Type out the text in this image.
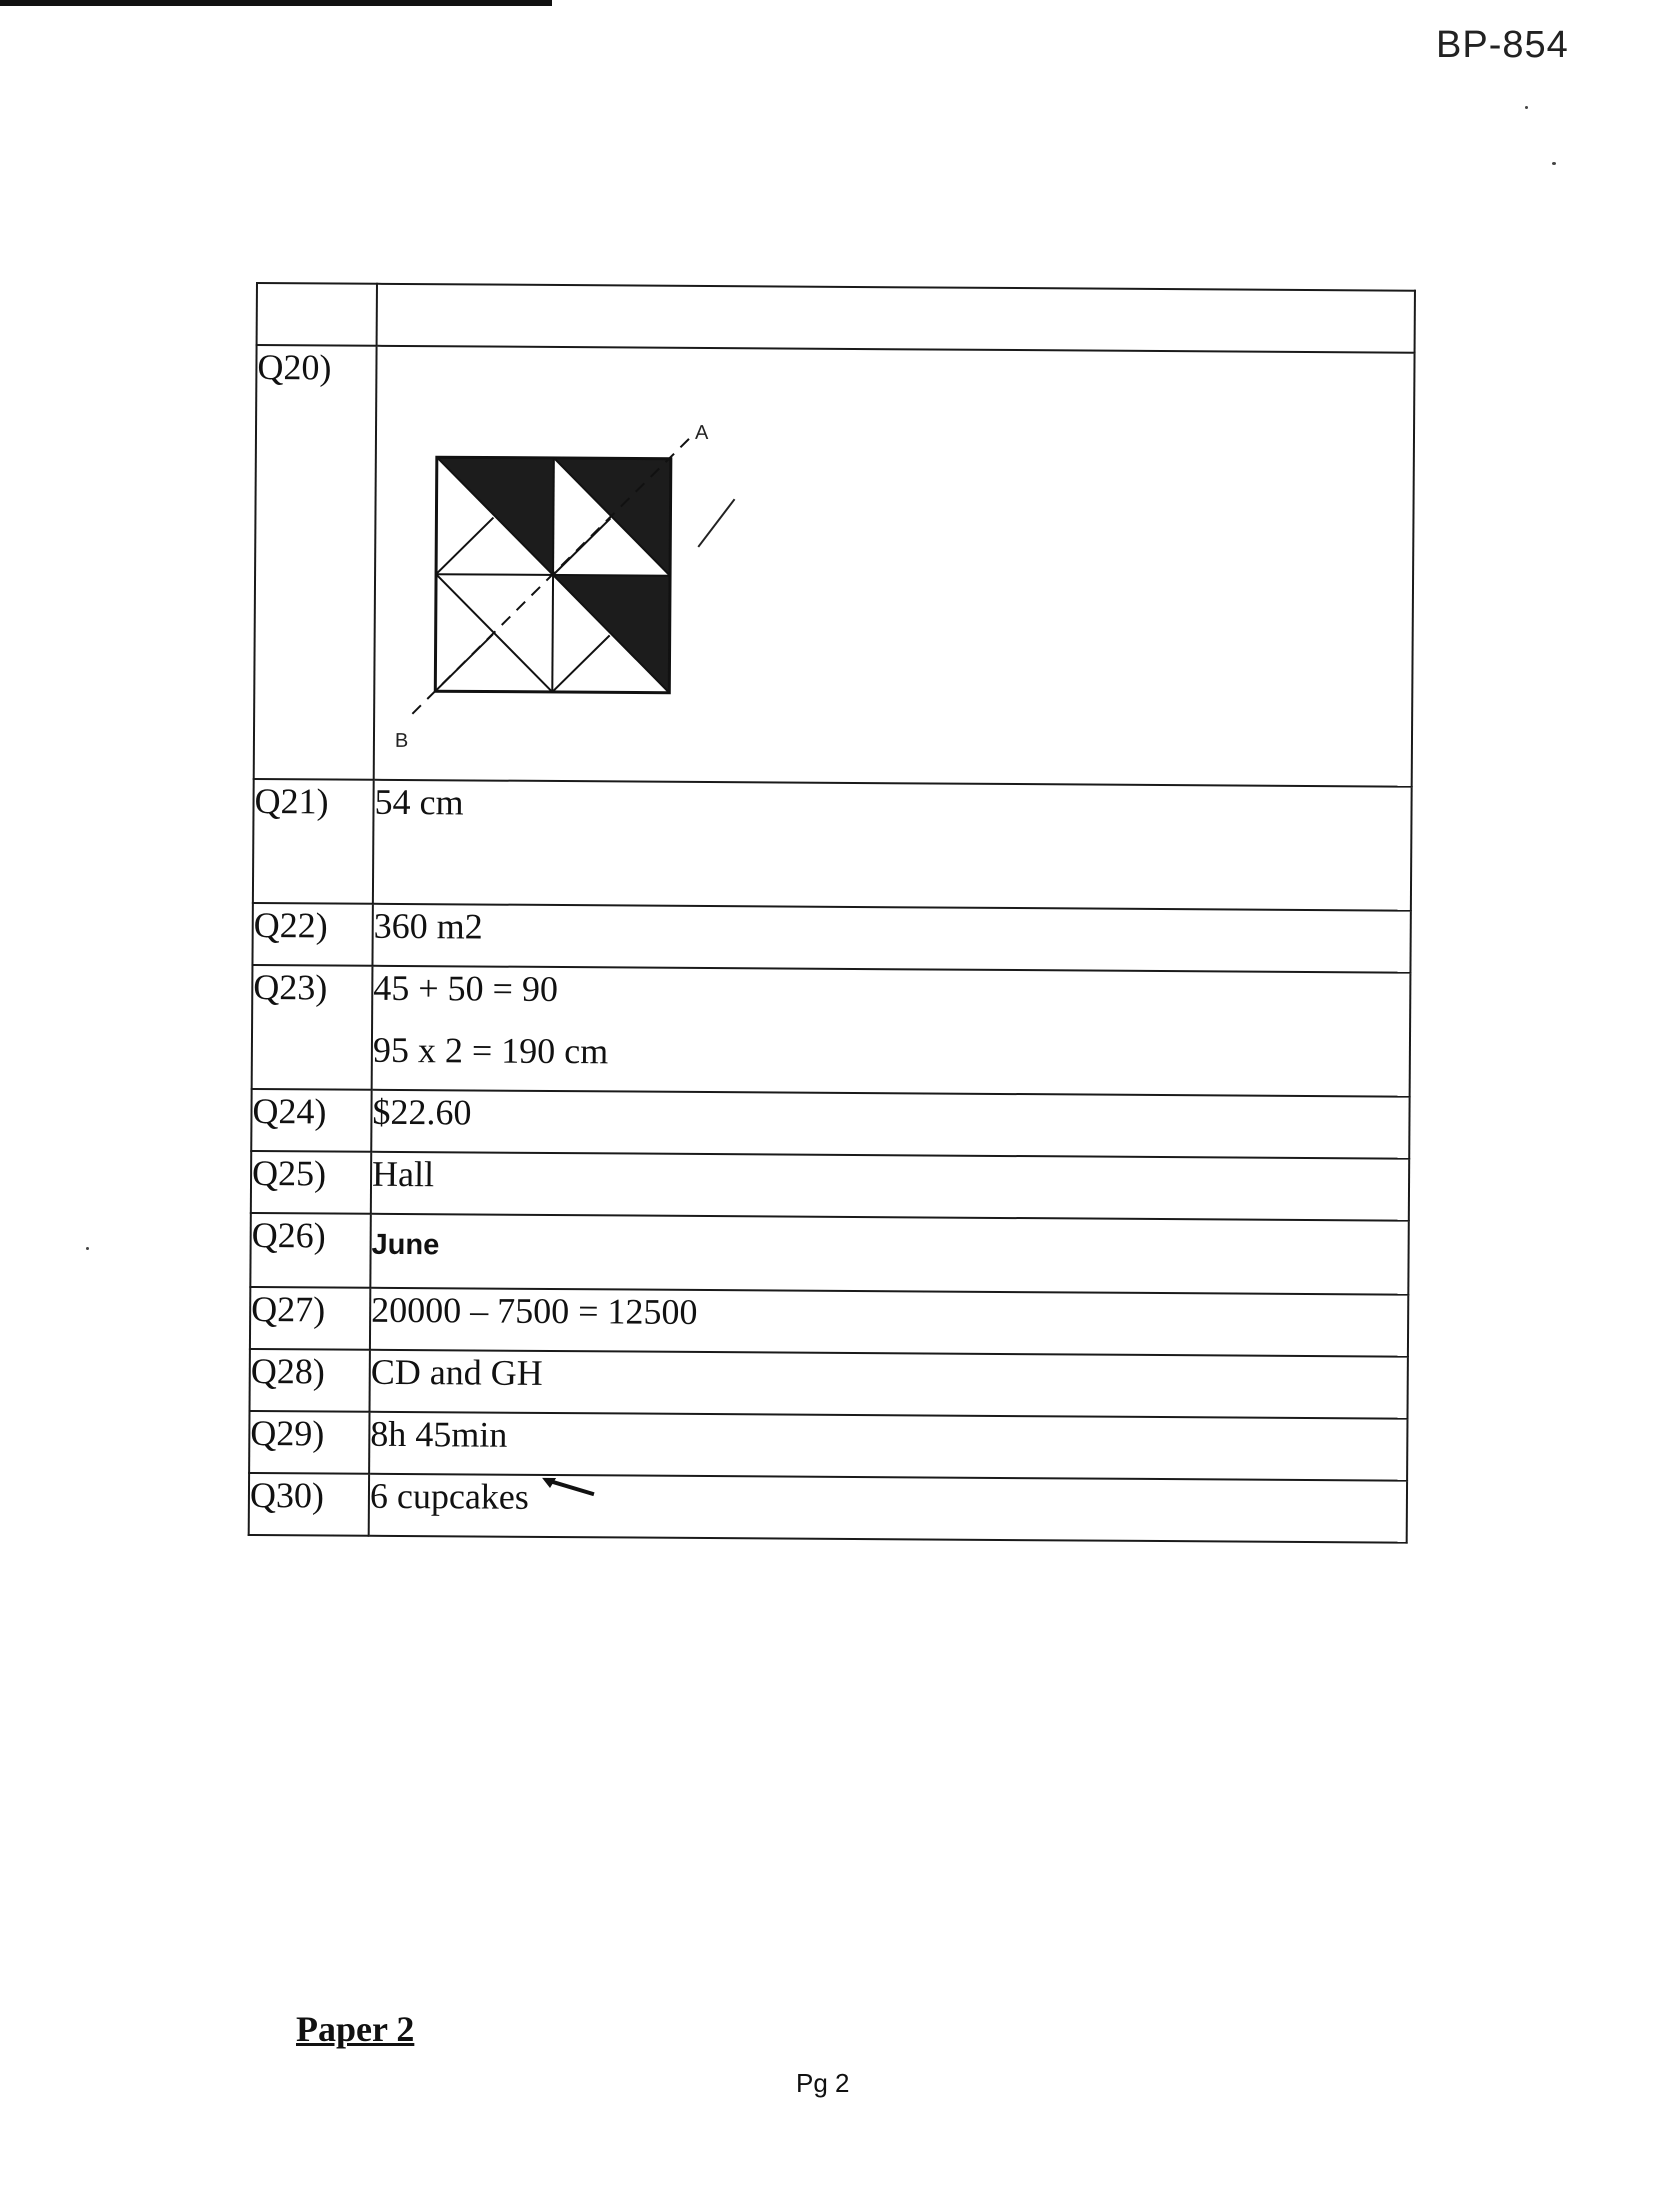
BP-854

Q20)	A
B

Q21)	54 cm
Q22)	360 m2
Q23)	45 + 50 = 90
95 x 2 = 190 cm

Q24)	$22.60
Q25)	Hall
Q26)	June
Q27)	20000 – 7500 = 12500
Q28)	CD and GH
Q29)	8h 45min
Q30)	6 cupcakes
Paper 2
Pg 2
